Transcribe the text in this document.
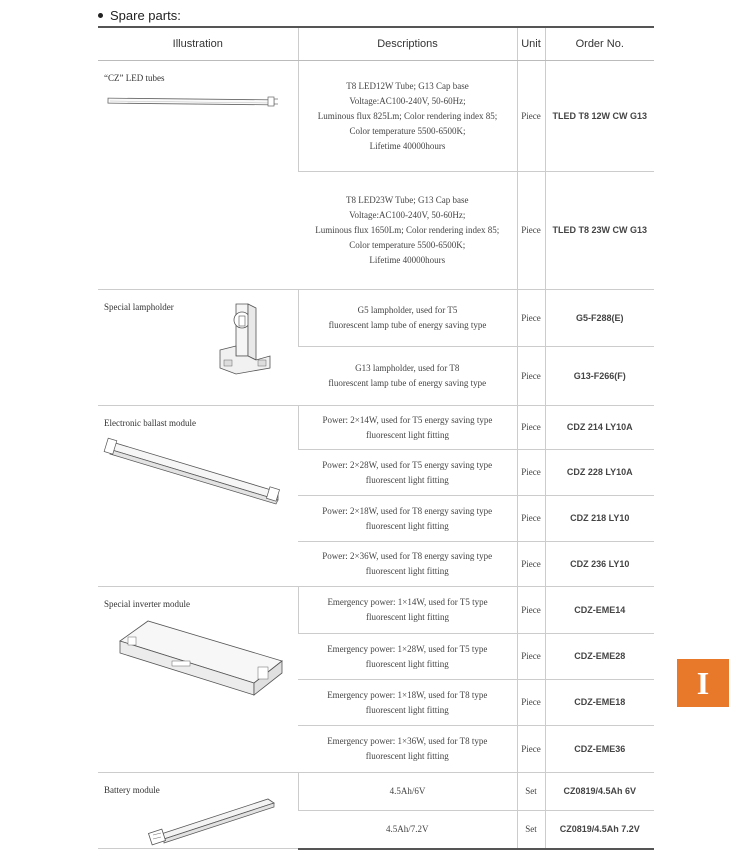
Spare parts:
Illustration	Descriptions	Unit	Order No.

“CZ” LED tubes	T8 LED12W Tube; G13 Cap base
Voltage:AC100-240V, 50-60Hz;
Luminous flux 825Lm; Color rendering index 85;
Color temperature 5500-6500K;
Lifetime 40000hours	Piece	TLED T8 12W CW G13

	T8 LED23W Tube; G13 Cap base
Voltage:AC100-240V, 50-60Hz;
Luminous flux 1650Lm; Color rendering index 85;
Color temperature 5500-6500K;
Lifetime 40000hours	Piece	TLED T8 23W CW G13

Special lampholder	G5 lampholder, used for T5
fluorescent lamp tube of energy saving type	Piece	G5-F288(E)

	G13 lampholder, used for T8
fluorescent lamp tube of energy saving type	Piece	G13-F266(F)

Electronic ballast module	Power: 2×14W, used for T5 energy saving type
fluorescent light fitting	Piece	CDZ 214 LY10A

	Power: 2×28W, used for T5 energy saving type
fluorescent light fitting	Piece	CDZ 228 LY10A

	Power: 2×18W, used for T8 energy saving type
fluorescent light fitting	Piece	CDZ 218 LY10

	Power: 2×36W, used for T8 energy saving type
fluorescent light fitting	Piece	CDZ 236 LY10

Special inverter module	Emergency power: 1×14W, used for T5 type
fluorescent light fitting	Piece	CDZ-EME14

	Emergency power: 1×28W, used for T5 type
fluorescent light fitting	Piece	CDZ-EME28

	Emergency power: 1×18W, used for T8 type
fluorescent light fitting	Piece	CDZ-EME18

	Emergency power: 1×36W, used for T8 type
fluorescent light fitting	Piece	CDZ-EME36

Battery module	4.5Ah/6V	Set	CZ0819/4.5Ah 6V

	4.5Ah/7.2V	Set	CZ0819/4.5Ah 7.2V
I
